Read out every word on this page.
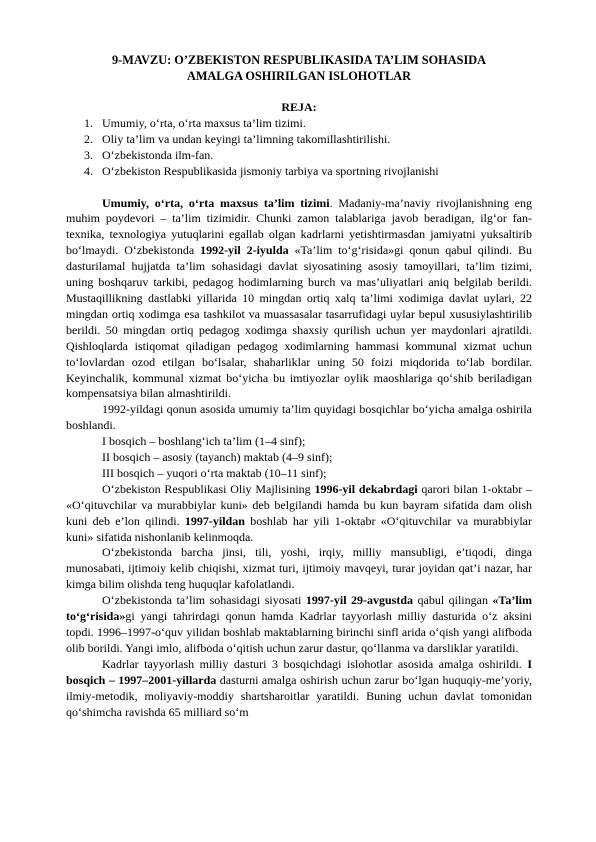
9-MAVZU: O’ZBEKISTON RESPUBLIKASIDA TA’LIM SOHASIDA
AMALGA OSHIRILGAN ISLOHOTLAR
REJA:
1. Umumiy, o‘rta, o‘rta maxsus ta’lim tizimi.
2. Oliy ta’lim va undan keyingi ta’limning takomillashtirilishi.
3. O‘zbekistonda ilm-fan.
4. O‘zbekiston Respublikasida jismoniy tarbiya va sportning rivojlanishi

Umumiy, o‘rta, o‘rta maxsus ta’lim tizimi. Madaniy-ma’naviy rivojlanishning eng muhim poydevori – ta’lim tizimidir. Chunki zamon talablariga javob beradigan, ilg‘or fan-texnika, texnologiya yutuqlarini egallab olgan kadrlarni yetishtirmasdan jamiyatni yuksaltirib bo‘lmaydi. O‘zbekistonda 1992-yil 2-iyulda «Ta’lim to‘g‘risida»gi qonun qabul qilindi. Bu dasturilamal hujjatda ta’lim sohasidagi davlat siyosatining asosiy tamoyillari, ta’lim tizimi, uning boshqaruv tarkibi, pedagog hodimlarning burch va mas’uliyatlari aniq belgilab berildi. Mustaqillikning dastlabki yillarida 10 mingdan ortiq xalq ta’limi xodimiga davlat uylari, 22 mingdan ortiq xodimga esa tashkilot va muassasalar tasarrufidagi uylar bepul xususiylashtirilib berildi. 50 mingdan ortiq pedagog xodimga shaxsiy qurilish uchun yer maydonlari ajratildi. Qishloqlarda istiqomat qiladigan pedagog xodimlarning hammasi kommunal xizmat uchun to‘lovlardan ozod etilgan bo‘lsalar, shaharliklar uning 50 foizi miqdorida to‘lab bordilar. Keyinchalik, kommunal xizmat bo‘yicha bu imtiyozlar oylik maoshlariga qo‘shib beriladigan kompensatsiya bilan almashtirildi.

1992-yildagi qonun asosida umumiy ta’lim quyidagi bosqichlar bo‘yicha amalga oshirila boshlandi.

I bosqich – boshlang‘ich ta’lim (1–4 sinf);
II bosqich – asosiy (tayanch) maktab (4–9 sinf);
III bosqich – yuqori o‘rta maktab (10–11 sinf);

O‘zbekiston Respublikasi Oliy Majlisining 1996-yil dekabrdagi qarori bilan 1-oktabr – «O‘qituvchilar va murabbiylar kuni» deb belgilandi hamda bu kun bayram sifatida dam olish kuni deb e’lon qilindi. 1997-yildan boshlab har yili 1-oktabr «O‘qituvchilar va murabbiylar kuni» sifatida nishonlanib kelinmoqda.

O‘zbekistonda barcha jinsi, tili, yoshi, irqiy, milliy mansubligi, e’tiqodi, dinga munosabati, ijtimoiy kelib chiqishi, xizmat turi, ijtimoiy mavqeyi, turar joyidan qat’i nazar, har kimga bilim olishda teng huquqlar kafolatlandi.

O‘zbekistonda ta’lim sohasidagi siyosati 1997-yil 29-avgustda qabul qilingan «Ta’lim to‘g‘risida»gi yangi tahrirdagi qonun hamda Kadrlar tayyorlash milliy dasturida o‘z aksini topdi. 1996–1997-o‘quv yilidan boshlab maktablarning birinchi sinfl arida o‘qish yangi alifboda olib borildi. Yangi imlo, alifboda o‘qitish uchun zarur dastur, qo‘llanma va darsliklar yaratildi.

Kadrlar tayyorlash milliy dasturi 3 bosqichdagi islohotlar asosida amalga oshirildi. I bosqich – 1997–2001-yillarda dasturni amalga oshirish uchun zarur bo‘lgan huquqiy-me’yoriy, ilmiy-metodik, moliyaviy-moddiy shartsharoitlar yaratildi. Buning uchun davlat tomonidan qo‘shimcha ravishda 65 milliard so‘m
